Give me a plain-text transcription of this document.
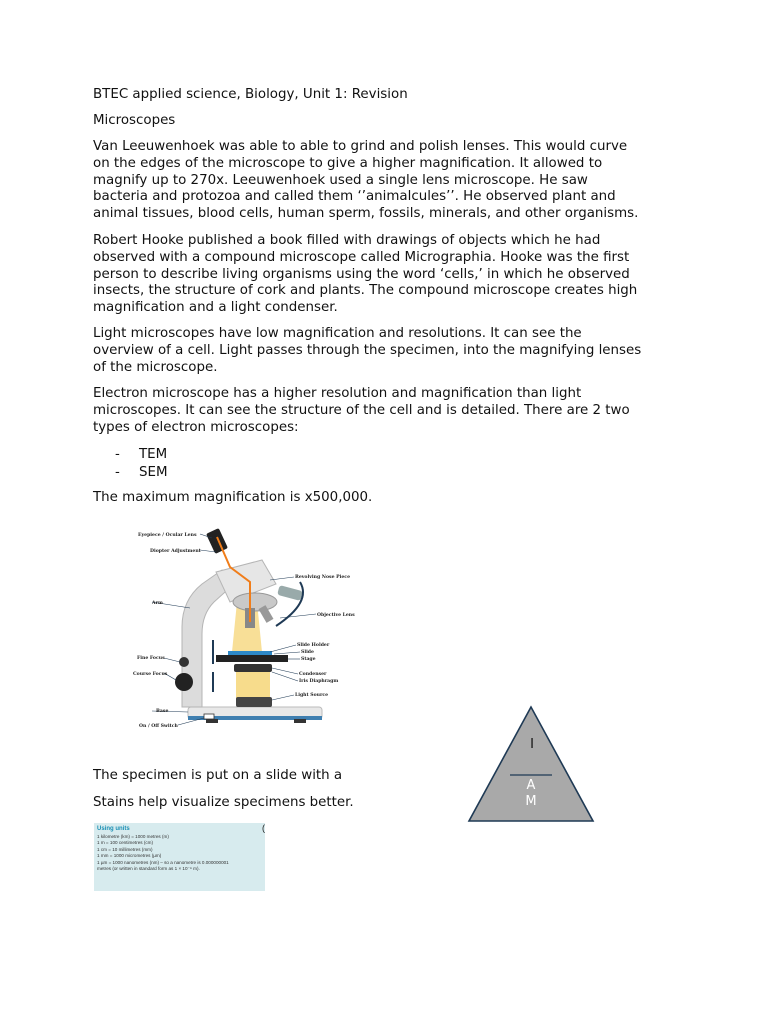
BTEC applied science, Biology, Unit 1: Revision

Microscopes

Van Leeuwenhoek was able to able to grind and polish lenses. This would curve
on the edges of the microscope to give a higher magnification. It allowed to
magnify up to 270x. Leeuwenhoek used a single lens microscope. He saw
bacteria and protozoa and called them ‘’animalcules’’. He observed plant and
animal tissues, blood cells, human sperm, fossils, minerals, and other organisms.

Robert Hooke published a book filled with drawings of objects which he had
observed with a compound microscope called Micrographia. Hooke was the first
person to describe living organisms using the word ‘cells,’ in which he observed
insects, the structure of cork and plants. The compound microscope creates high
magnification and a light condenser.

Light microscopes have low magnification and resolutions. It can see the
overview of a cell. Light passes through the specimen, into the magnifying lenses
of the microscope.

Electron microscope has a higher resolution and magnification than light
microscopes. It can see the structure of the cell and is detailed. There are 2 two
types of electron microscopes:

-	TEM
-	SEM

The maximum magnification is x500,000.

Eyepiece / Ocular Lens
Diopter Adjustment
Revolving Nose Piece
Arm
Objective Lens
Slide Holder
Slide
Stage
Fine Focus
Course Focus	Condenser
Iris Diaphragm
Light Source
Base
On / Off Switch

The specimen is put on a slide with a

Stains help visualize specimens better.

I
A
M
(

Using units

1 kilometre (km) = 1000 metres (m)

1 m = 100 centimetres (cm)

1 cm = 10 millimetres (mm)

1 mm = 1000 micrometres (µm)

1 µm = 1000 nanometres (nm) – so a nanometre is 0.000000001

metres (or written in standard form as 1 × 10⁻⁹ m).
